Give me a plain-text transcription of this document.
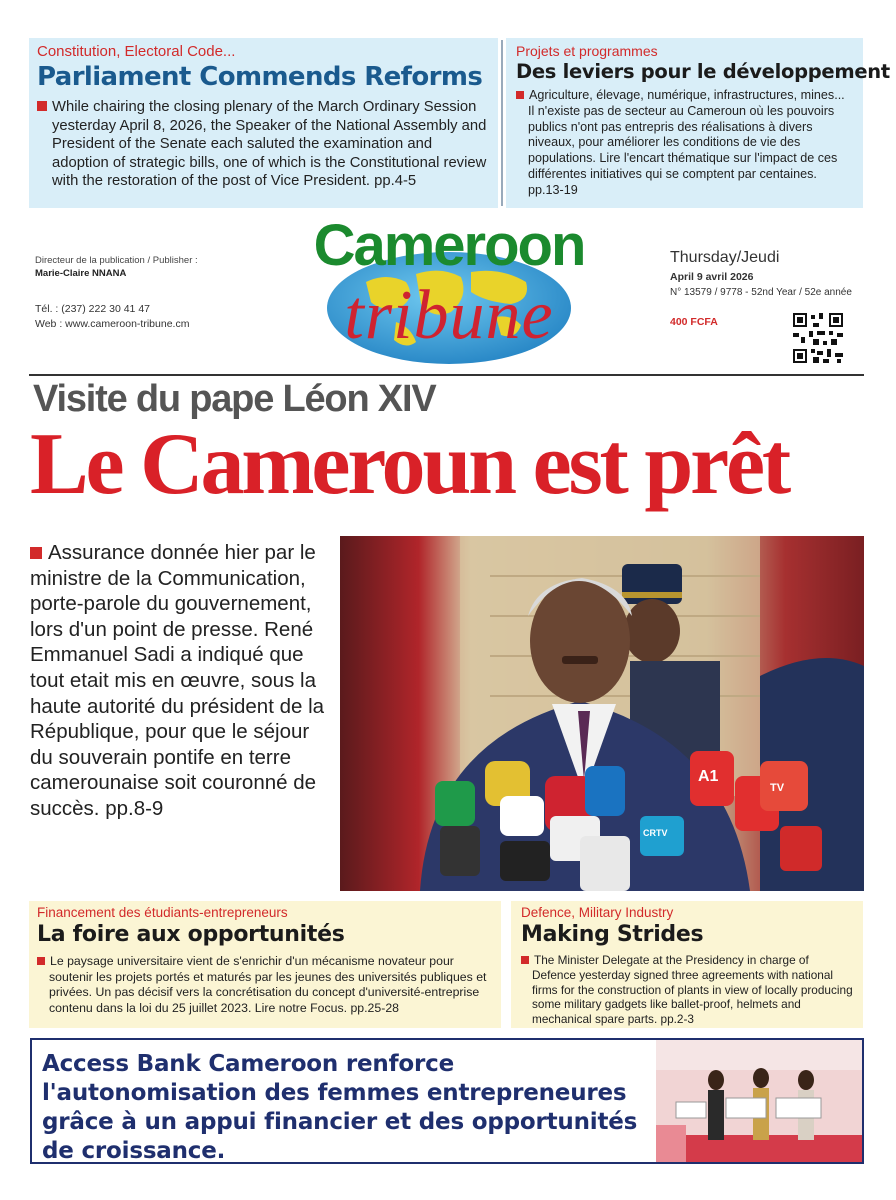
Constitution, Electoral Code...
Parliament Commends Reforms
While chairing the closing plenary of the March Ordinary Session yesterday April 8, 2026, the Speaker of the National Assembly and President of the Senate each saluted the examination and adoption of strategic bills, one of which is the Constitutional review with the restoration of the post of Vice President. pp.4-5
Projets et programmes
Des leviers pour le développement
Agriculture, élevage, numérique, infrastructures, mines... Il n'existe pas de secteur au Cameroun où les pouvoirs publics n'ont pas entrepris des réalisations à divers niveaux, pour améliorer les conditions de vie des populations. Lire l'encart thématique sur l'impact de ces différentes initiatives qui se comptent par centaines. pp.13-19
Directeur de la publication / Publisher :
Marie-Claire NNANA
Tél. : (237) 222 30 41 47
Web : www.cameroon-tribune.cm
Cameroon
tribune
Thursday/Jeudi
April 9 avril 2026
N° 13579 / 9778 - 52nd Year / 52e année
400 FCFA
Visite du pape Léon XIV
Le Cameroun est prêt
Assurance donnée hier par le ministre de la Communication, porte-parole du gouvernement, lors d'un point de presse. René Emmanuel Sadi a indiqué que tout etait mis en œuvre, sous la haute autorité du président de la République, pour que le séjour du souverain pontife en terre camerounaise soit couronné de succès. pp.8-9
A1
CRTV
TV
Financement des étudiants-entrepreneurs
La foire aux opportunités
Le paysage universitaire vient de s'enrichir d'un mécanisme novateur pour soutenir les projets portés et maturés par les jeunes des universités publiques et privées. Un pas décisif vers la concrétisation du concept d'université-entreprise contenu dans la loi du 25 juillet 2023. Lire notre Focus. pp.25-28
Defence, Military Industry
Making Strides
The Minister Delegate at the Presidency in charge of Defence yesterday signed three agreements with national firms for the construction of plants in view of locally producing some military gadgets like ballet-proof, helmets and mechanical spare parts. pp.2-3
Access Bank Cameroon renforce l'autonomisation des femmes entrepreneures grâce à un appui financier et des opportunités de croissance.
